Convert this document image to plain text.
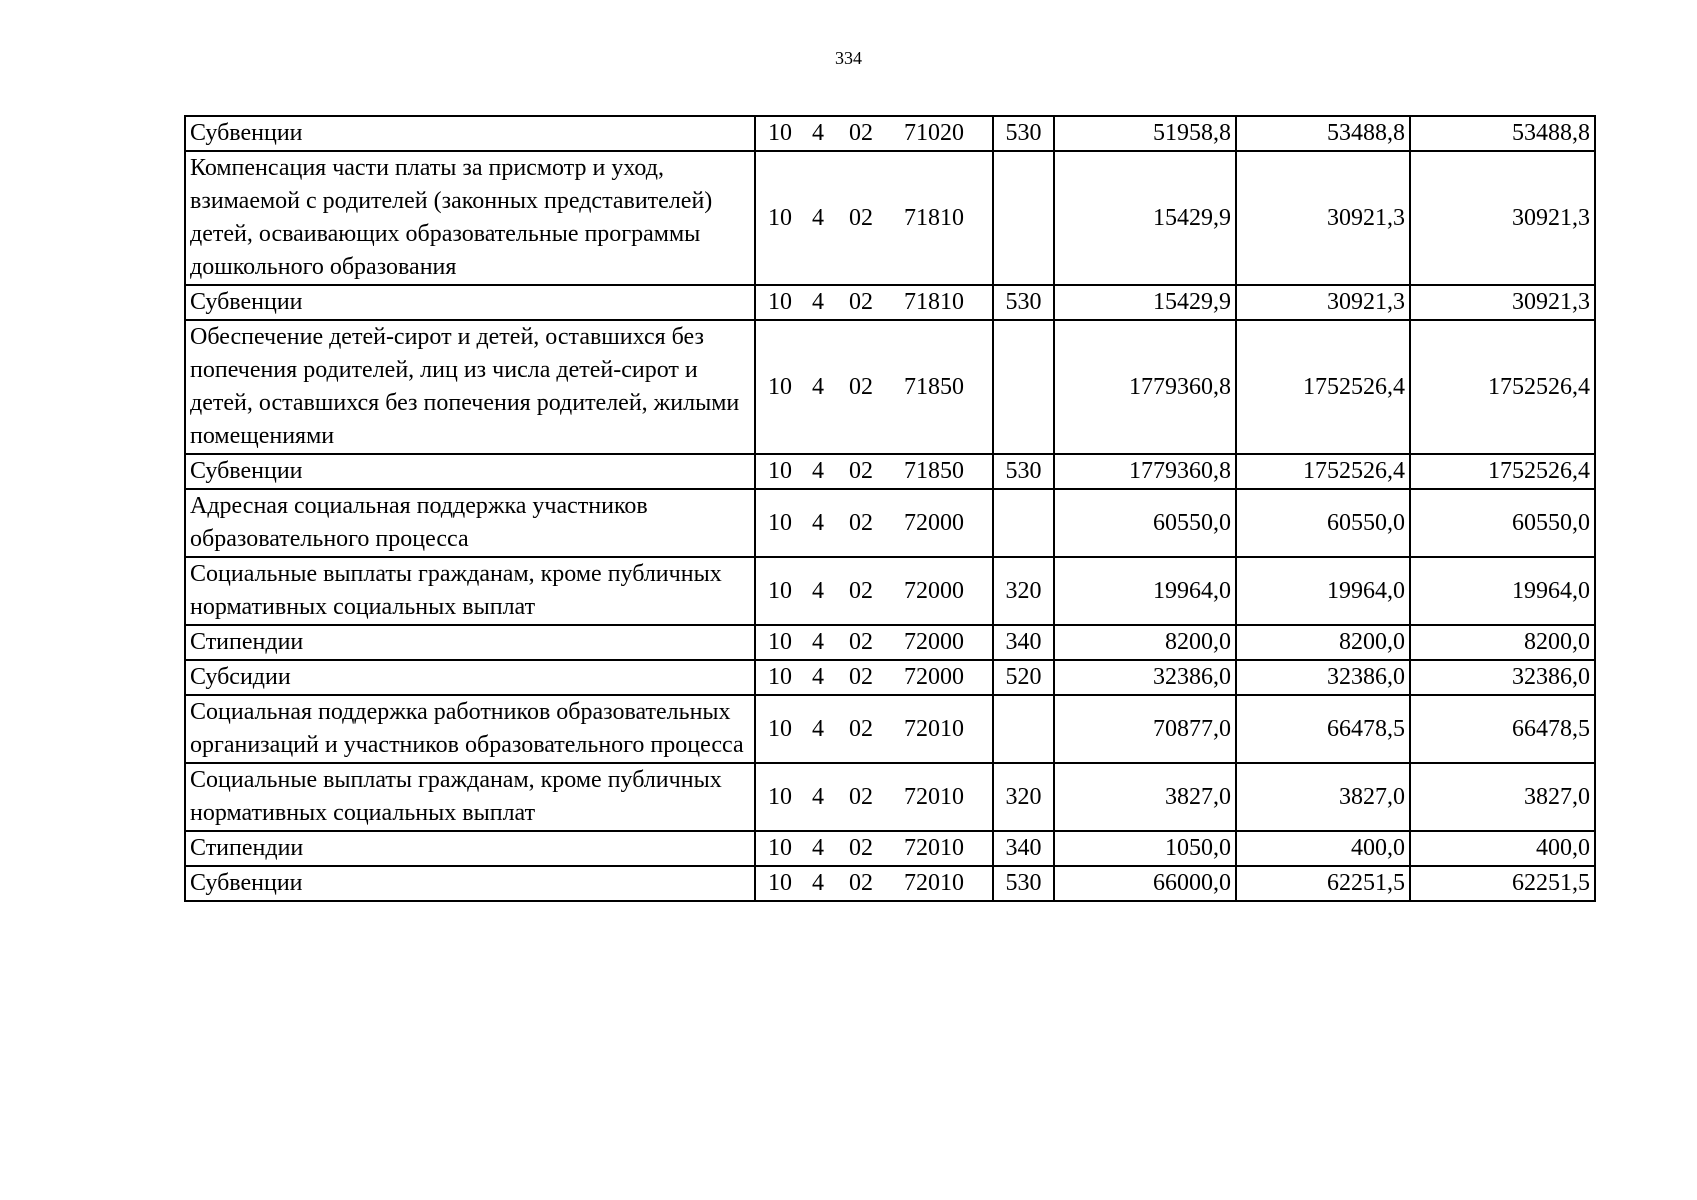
334
Субвенции	10 4 02 71020	530	51958,8	53488,8	53488,8
Компенсация части платы за присмотр и уход, взимаемой с родителей (законных представителей) детей, осваивающих образовательные программы дошкольного образования	10 4 02 71810		15429,9	30921,3	30921,3
Субвенции	10 4 02 71810	530	15429,9	30921,3	30921,3
Обеспечение детей-сирот и детей, оставшихся без попечения родителей, лиц из числа детей-сирот и детей, оставшихся без попечения родителей, жилыми помещениями	10 4 02 71850		1779360,8	1752526,4	1752526,4
Субвенции	10 4 02 71850	530	1779360,8	1752526,4	1752526,4
Адресная социальная поддержка участников образовательного процесса	10 4 02 72000		60550,0	60550,0	60550,0
Социальные выплаты гражданам, кроме публичных нормативных социальных выплат	10 4 02 72000	320	19964,0	19964,0	19964,0
Стипендии	10 4 02 72000	340	8200,0	8200,0	8200,0
Субсидии	10 4 02 72000	520	32386,0	32386,0	32386,0
Социальная поддержка работников образовательных организаций и участников образовательного процесса	10 4 02 72010		70877,0	66478,5	66478,5
Социальные выплаты гражданам, кроме публичных нормативных социальных выплат	10 4 02 72010	320	3827,0	3827,0	3827,0
Стипендии	10 4 02 72010	340	1050,0	400,0	400,0
Субвенции	10 4 02 72010	530	66000,0	62251,5	62251,5
